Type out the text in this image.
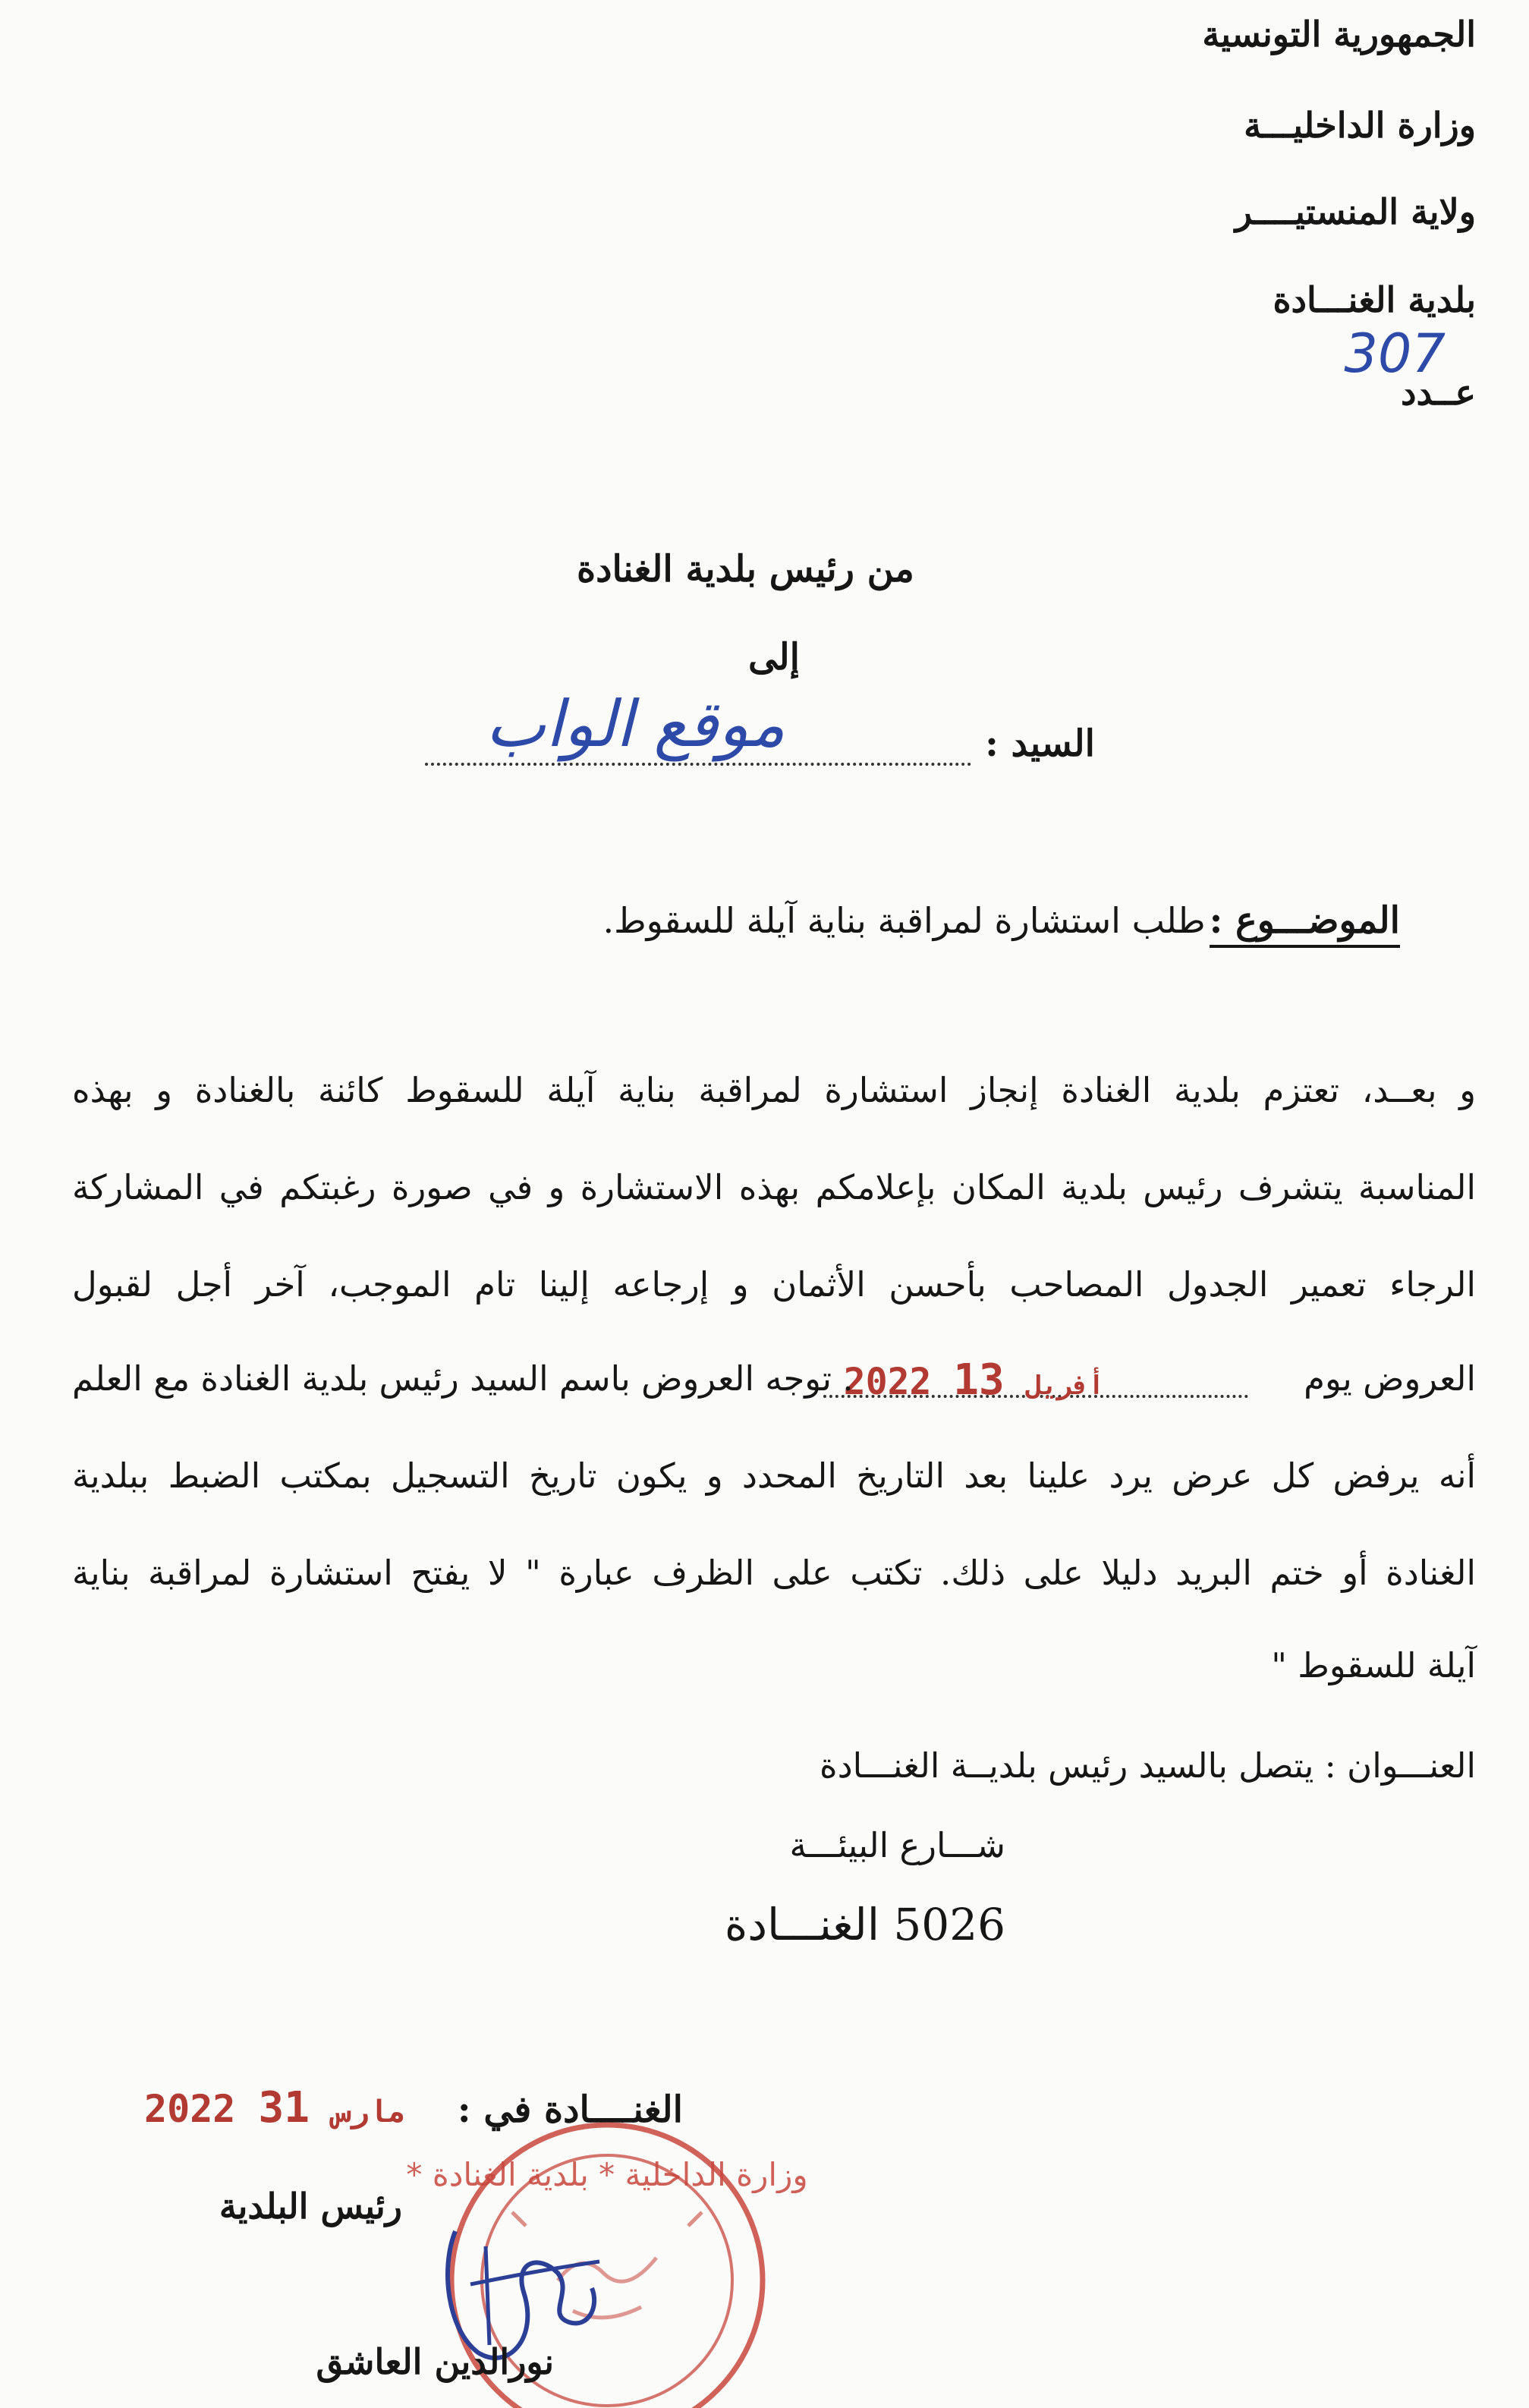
الجمهورية التونسية
وزارة الداخليـــة
ولاية المنستيــــر
بلدية الغنـــادة
عــدد
307
من رئيس بلدية الغنادة
إلى
السيد :
موقع الواب
الموضـــوع : طلب استشارة لمراقبة بناية آيلة للسقوط.
و بعــد، تعتزم بلدية الغنادة إنجاز استشارة لمراقبة بناية آيلة للسقوط كائنة بالغنادة و بهذه
المناسبة يتشرف رئيس بلدية المكان بإعلامكم بهذه الاستشارة و في صورة رغبتكم في المشاركة
الرجاء تعمير الجدول المصاحب بأحسن الأثمان و إرجاعه إلينا تام الموجب، آخر أجل لقبول
العروض يوم
2022	أفريل 13
. توجه العروض باسم السيد رئيس بلدية الغنادة مع العلم
أنه يرفض كل عرض يرد علينا بعد التاريخ المحدد و يكون تاريخ التسجيل بمكتب الضبط ببلدية
الغنادة أو ختم البريد دليلا على ذلك. تكتب على الظرف عبارة " لا يفتح استشارة لمراقبة بناية
آيلة للسقوط "
العنـــوان : يتصل بالسيد رئيس بلديــة الغنـــادة
شـــارع البيئـــة
5026 الغنـــادة
الغنــــادة في :
2022	مارس 31
وزارة الداخلية * بلدية الغنادة *
رئيس البلدية
نورالدين العاشق
